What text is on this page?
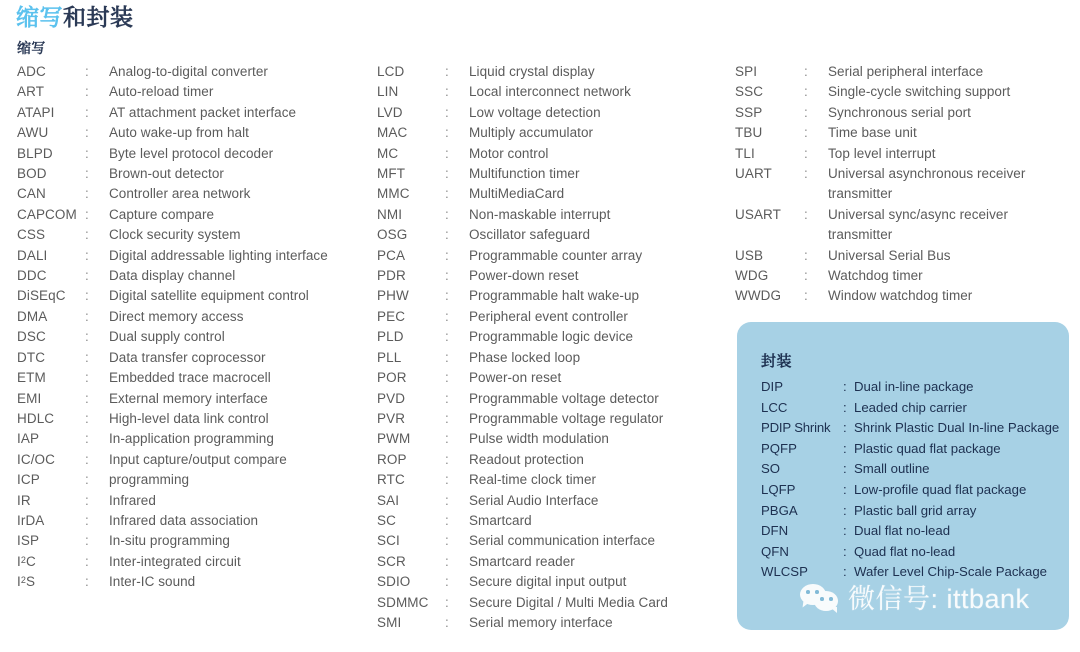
缩写和封装
缩写
ADC	:	Analog-to-digital converter
ART	:	Auto-reload timer
ATAPI	:	AT attachment packet interface
AWU	:	Auto wake-up from halt
BLPD	:	Byte level protocol decoder
BOD	:	Brown-out detector
CAN	:	Controller area network
CAPCOM :	Capture compare
CSS	:	Clock security system
DALI	:	Digital addressable lighting interface
DDC	:	Data display channel
DiSEqC	:	Digital satellite equipment control
DMA	:	Direct memory access
DSC	:	Dual supply control
DTC	:	Data transfer coprocessor
ETM	:	Embedded trace macrocell
EMI	:	External memory interface
HDLC	:	High-level data link control
IAP	:	In-application programming
IC/OC	:	Input capture/output compare
ICP	:	programming
IR	:	Infrared
IrDA	:	Infrared data association
ISP	:	In-situ programming
$I^2C$	:	Inter-integrated circuit
$I^2S$	:	Inter-IC sound
LCD	:	Liquid crystal display
LIN	:	Local interconnect network
LVD	:	Low voltage detection
MAC	:	Multiply accumulator
MC	:	Motor control
MFT	:	Multifunction timer
MMC	:	MultiMediaCard
NMI	:	Non-maskable interrupt
OSG	:	Oscillator safeguard
PCA	:	Programmable counter array
PDR	:	Power-down reset
PHW	:	Programmable halt wake-up
PEC	:	Peripheral event controller
PLD	:	Programmable logic device
PLL	:	Phase locked loop
POR	:	Power-on reset
PVD	:	Programmable voltage detector
PVR	:	Programmable voltage regulator
PWM	:	Pulse width modulation
ROP	:	Readout protection
RTC	:	Real-time clock timer
SAI	:	Serial Audio Interface
SC	:	Smartcard
SCI	:	Serial communication interface
SCR	:	Smartcard reader
SDIO	:	Secure digital input output
SDMMC	:	Secure Digital / Multi Media Card
SMI	:	Serial memory interface
SPI	:	Serial peripheral interface
SSC	:	Single-cycle switching support
SSP	:	Synchronous serial port
TBU	:	Time base unit
TLI	:	Top level interrupt
UART	:	Universal asynchronous receiver transmitter
USART	:	Universal sync/async receiver transmitter
USB	:	Universal Serial Bus
WDG	:	Watchdog timer
WWDG	:	Window watchdog timer
封装
DIP	: Dual in-line package
LCC	: Leaded chip carrier
PDIP Shrink : Shrink Plastic Dual In-line Package
PQFP	: Plastic quad flat package
SO	: Small outline
LQFP	: Low-profile quad flat package
PBGA	: Plastic ball grid array
DFN	: Dual flat no-lead
QFN	: Quad flat no-lead
WLCSP	: Wafer Level Chip-Scale Package
微信号: ittbank
